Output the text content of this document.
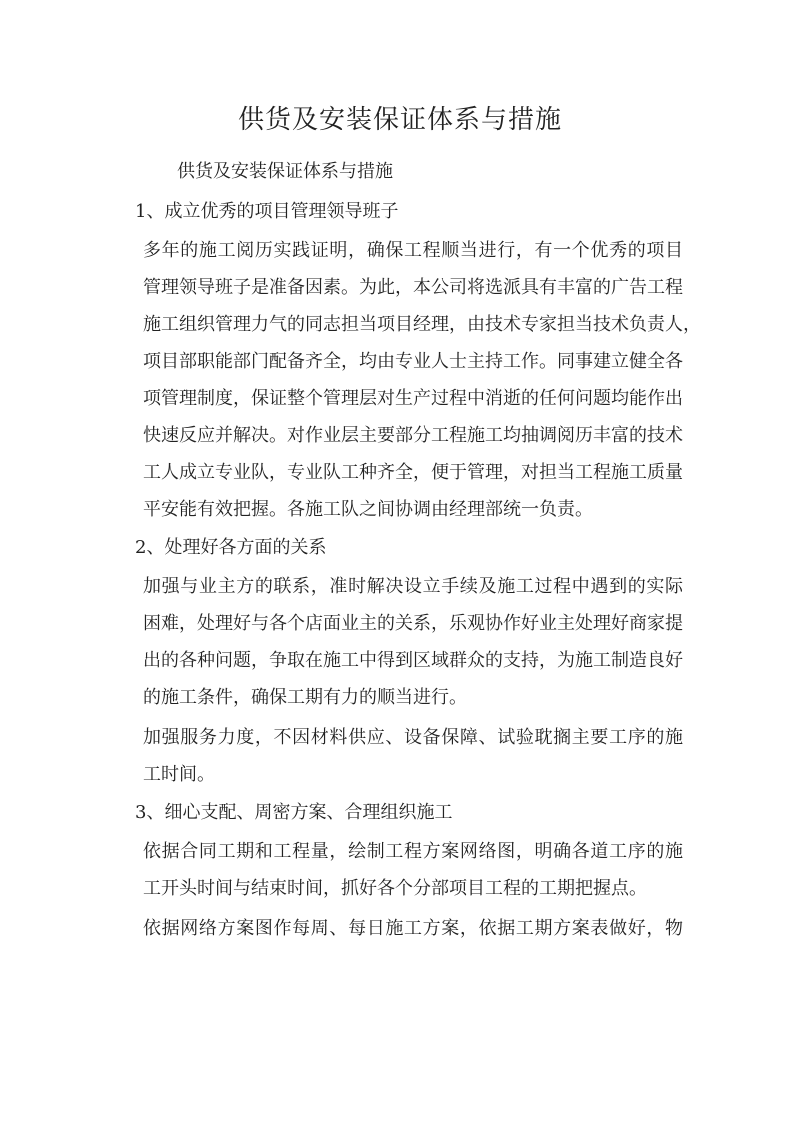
供货及安装保证体系与措施

供货及安装保证体系与措施

1、成立优秀的项目管理领导班子

多年的施工阅历实践证明，确保工程顺当进行，有一个优秀的项目

管理领导班子是准备因素。为此，本公司将选派具有丰富的广告工程

施工组织管理力气的同志担当项目经理，由技术专家担当技术负责人，

项目部职能部门配备齐全，均由专业人士主持工作。同事建立健全各

项管理制度，保证整个管理层对生产过程中消逝的任何问题均能作出

快速反应并解决。对作业层主要部分工程施工均抽调阅历丰富的技术

工人成立专业队，专业队工种齐全，便于管理，对担当工程施工质量

平安能有效把握。各施工队之间协调由经理部统一负责。

2、处理好各方面的关系

加强与业主方的联系，准时解决设立手续及施工过程中遇到的实际

困难，处理好与各个店面业主的关系，乐观协作好业主处理好商家提

出的各种问题，争取在施工中得到区域群众的支持，为施工制造良好

的施工条件，确保工期有力的顺当进行。

加强服务力度，不因材料供应、设备保障、试验耽搁主要工序的施

工时间。

3、细心支配、周密方案、合理组织施工

依据合同工期和工程量，绘制工程方案网络图，明确各道工序的施

工开头时间与结束时间，抓好各个分部项目工程的工期把握点。

依据网络方案图作每周、每日施工方案，依据工期方案表做好，物
